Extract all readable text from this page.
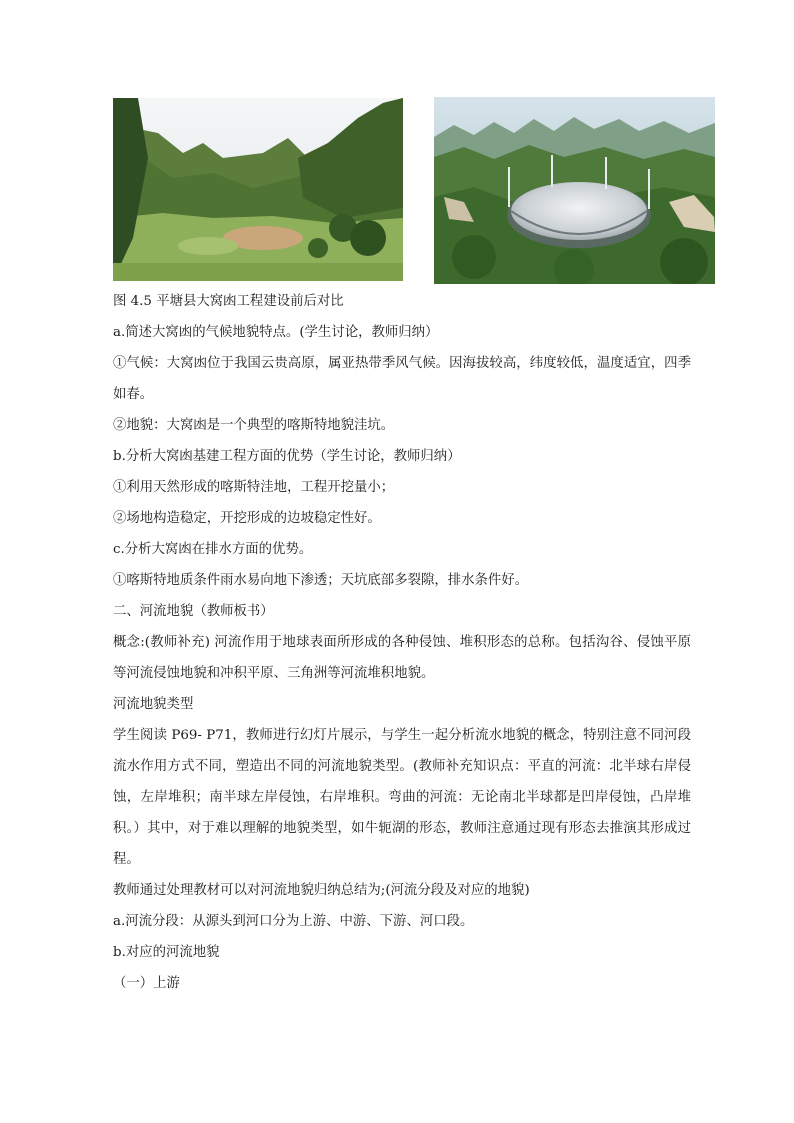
图 4.5 平塘县大窝凼工程建设前后对比

a.简述大窝凼的气候地貌特点。(学生讨论，教师归纳）

①气候：大窝凼位于我国云贵高原，属亚热带季风气候。因海拔较高，纬度较低，温度适宜，四季如春。

②地貌：大窝凼是一个典型的喀斯特地貌洼坑。

b.分析大窝凼基建工程方面的优势（学生讨论，教师归纳）

①利用天然形成的喀斯特洼地，工程开挖量小；

②场地构造稳定，开挖形成的边坡稳定性好。

c.分析大窝凼在排水方面的优势。

①喀斯特地质条件雨水易向地下渗透；天坑底部多裂隙，排水条件好。

二、河流地貌（教师板书）

概念:(教师补充) 河流作用于地球表面所形成的各种侵蚀、堆积形态的总称。包括沟谷、侵蚀平原等河流侵蚀地貌和冲积平原、三角洲等河流堆积地貌。

河流地貌类型

学生阅读 P69- P71，教师进行幻灯片展示，与学生一起分析流水地貌的概念，特别注意不同河段流水作用方式不同，塑造出不同的河流地貌类型。(教师补充知识点：平直的河流：北半球右岸侵蚀，左岸堆积；南半球左岸侵蚀，右岸堆积。弯曲的河流：无论南北半球都是凹岸侵蚀，凸岸堆积。）其中，对于难以理解的地貌类型，如牛轭湖的形态，教师注意通过现有形态去推演其形成过程。

教师通过处理教材可以对河流地貌归纳总结为;(河流分段及对应的地貌)

a.河流分段：从源头到河口分为上游、中游、下游、河口段。

b.对应的河流地貌

（一）上游
